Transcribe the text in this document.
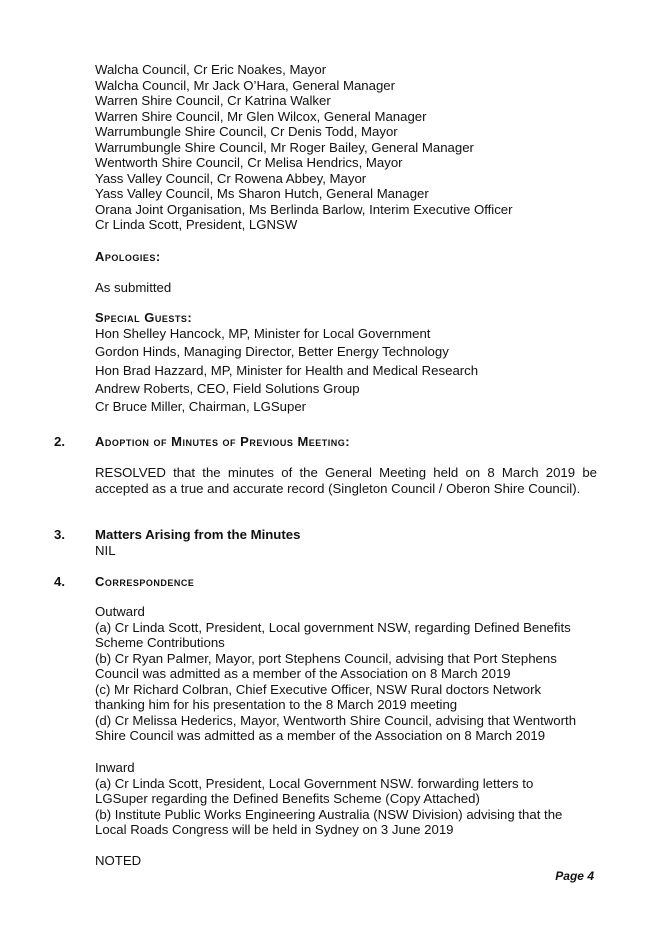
Walcha Council, Cr Eric Noakes, Mayor
Walcha Council, Mr Jack O’Hara, General Manager
Warren Shire Council, Cr Katrina Walker
Warren Shire Council, Mr Glen Wilcox, General Manager
Warrumbungle Shire Council, Cr Denis Todd, Mayor
Warrumbungle Shire Council, Mr Roger Bailey, General Manager
Wentworth Shire Council, Cr Melisa Hendrics, Mayor
Yass Valley Council, Cr Rowena Abbey, Mayor
Yass Valley Council, Ms Sharon Hutch, General Manager
Orana Joint Organisation, Ms Berlinda Barlow, Interim Executive Officer
Cr Linda Scott, President, LGNSW
Apologies:
As submitted
Special Guests:
Hon Shelley Hancock, MP, Minister for Local Government
Gordon Hinds, Managing Director, Better Energy Technology
Hon Brad Hazzard, MP, Minister for Health and Medical Research
Andrew Roberts, CEO, Field Solutions Group
Cr Bruce Miller, Chairman, LGSuper
2. Adoption of Minutes of Previous Meeting:
RESOLVED that the minutes of the General Meeting held on 8 March 2019 be accepted as a true and accurate record (Singleton Council / Oberon Shire Council).
3. Matters Arising from the Minutes
NIL
4. Correspondence
Outward
(a) Cr Linda Scott, President, Local government NSW, regarding Defined Benefits
Scheme Contributions
(b) Cr Ryan Palmer, Mayor, port Stephens Council, advising that Port Stephens
Council was admitted as a member of the Association on 8 March 2019
(c) Mr Richard Colbran, Chief Executive Officer, NSW Rural doctors Network
thanking him for his presentation to the 8 March 2019 meeting
(d) Cr Melissa Hederics, Mayor, Wentworth Shire Council, advising that Wentworth
Shire Council was admitted as a member of the Association on 8 March 2019
Inward
(a) Cr Linda Scott, President, Local Government NSW. forwarding letters to
LGSuper regarding the Defined Benefits Scheme (Copy Attached)
(b) Institute Public Works Engineering Australia (NSW Division) advising that the
Local Roads Congress will be held in Sydney on 3 June 2019
NOTED
Page 4
